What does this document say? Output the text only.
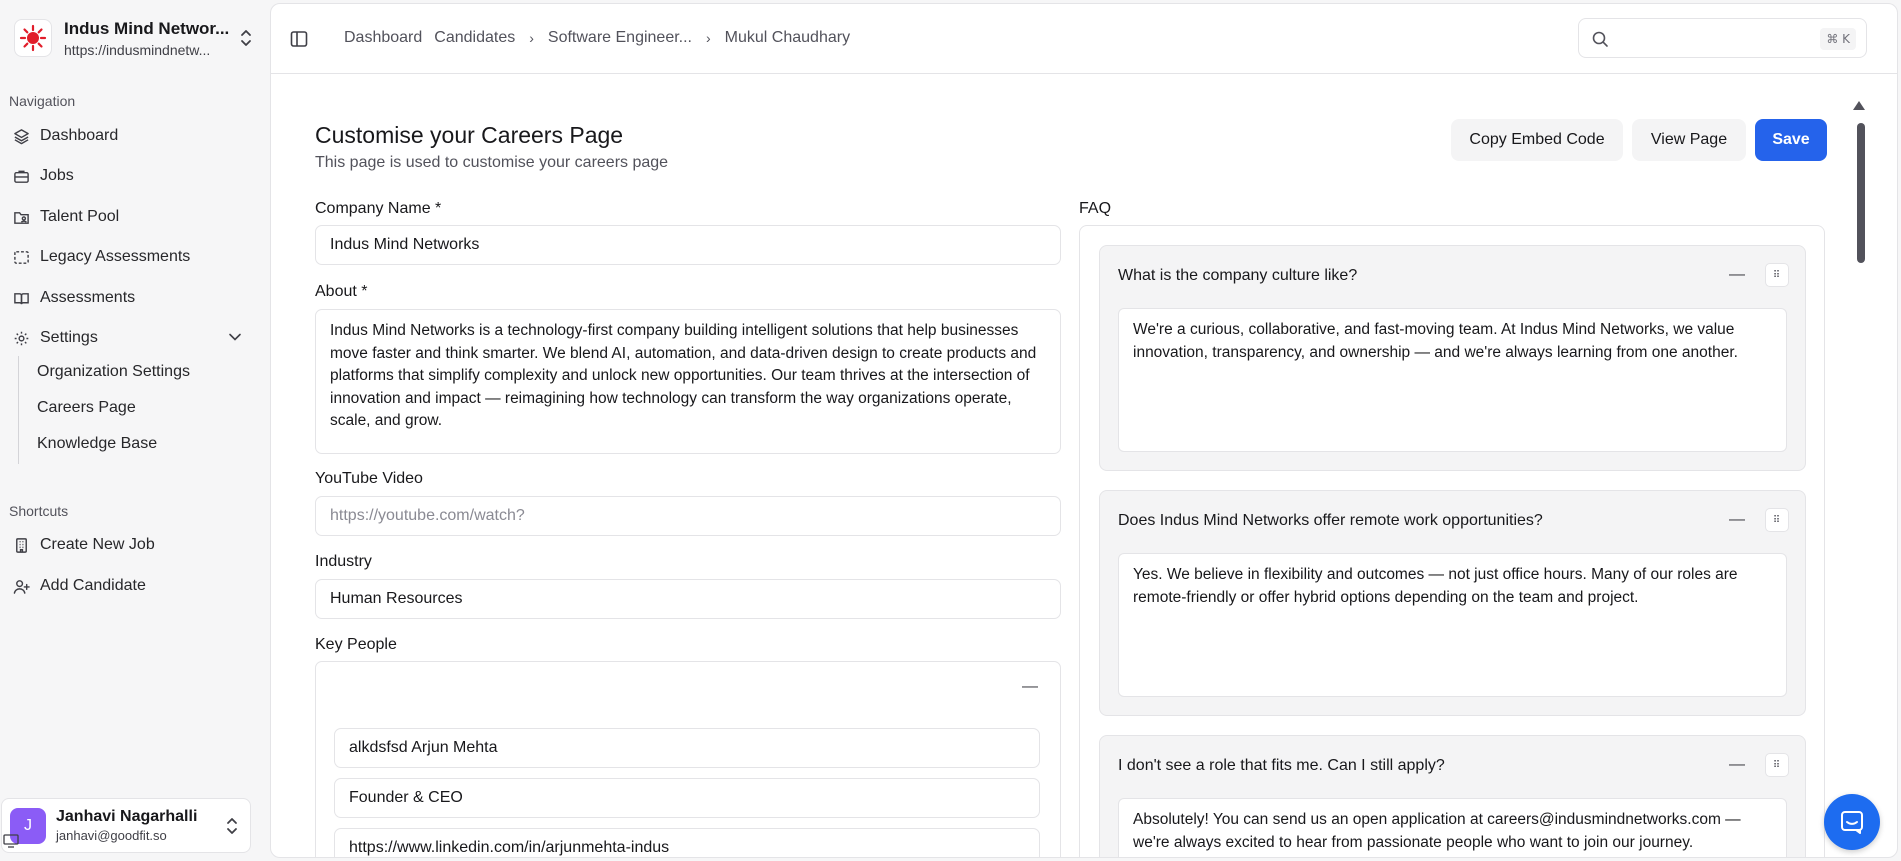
Indus Mind Networ...
https://indusmindnetw...
Navigation
Dashboard
Jobs
Talent Pool
Legacy Assessments
Assessments
Settings
Organization Settings
Careers Page
Knowledge Base
Shortcuts
Create New Job
Add Candidate
J	Janhavi Nagarhalli
janhavi@goodfit.so
Dashboard Candidates › Software Engineer... › Mukul Chaudhary	⌘ K
Customise your Careers Page
This page is used to customise your careers page
Copy Embed Code	View Page	Save
Company Name *
Indus Mind Networks
About *
Indus Mind Networks is a technology-first company building intelligent solutions that help businesses move faster and think smarter. We blend AI, automation, and data-driven design to create products and platforms that simplify complexity and unlock new opportunities. Our team thrives at the intersection of innovation and impact — reimagining how technology can transform the way organizations operate, scale, and grow.
YouTube Video
https://youtube.com/watch?
Industry
Human Resources
Key People
—
alkdsfsd Arjun Mehta
Founder & CEO
https://www.linkedin.com/in/arjunmehta-indus
FAQ
What is the company culture like?	—	⠿
We're a curious, collaborative, and fast-moving team. At Indus Mind Networks, we value innovation, transparency, and ownership — and we're always learning from one another.
Does Indus Mind Networks offer remote work opportunities?	—	⠿
Yes. We believe in flexibility and outcomes — not just office hours. Many of our roles are remote-friendly or offer hybrid options depending on the team and project.
I don't see a role that fits me. Can I still apply?	—	⠿
Absolutely! You can send us an open application at careers@indusmindnetworks.com — we're always excited to hear from passionate people who want to join our journey.
